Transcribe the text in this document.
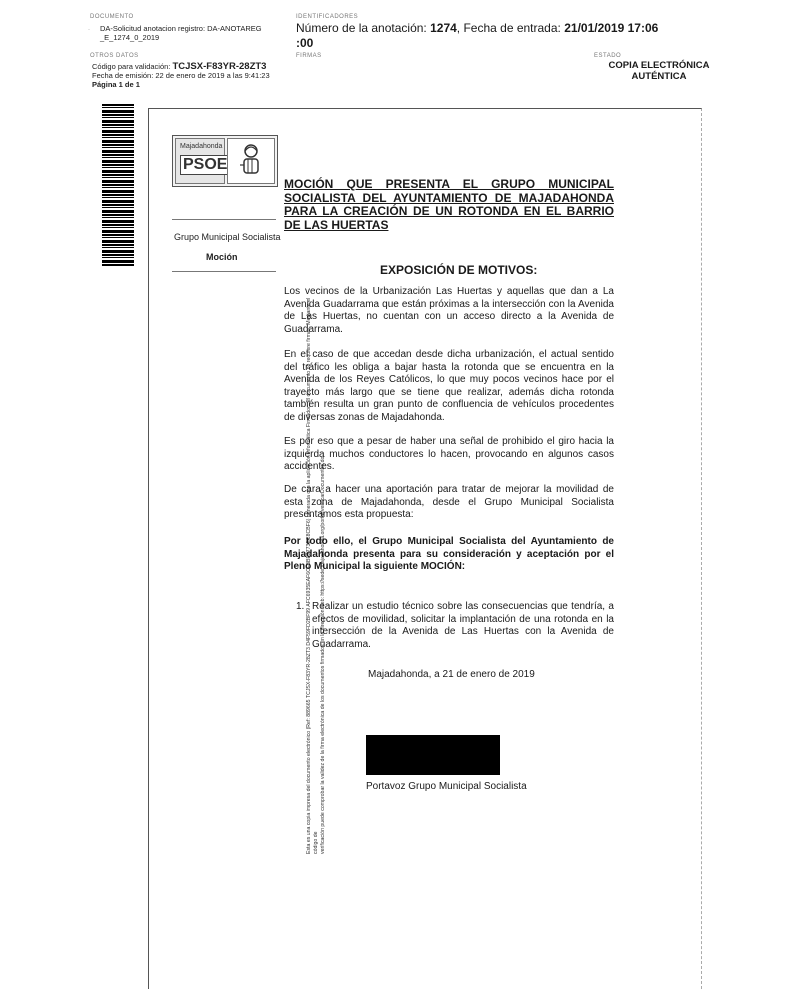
DOCUMENTO
DA-Solicitud anotacion registro: DA-ANOTAREG
_E_1274_0_2019
·
OTROS DATOS
Código para validación: TCJSX-F83YR-28ZT3
Fecha de emisión: 22 de enero de 2019 a las 9:41:23
Página 1 de 1
IDENTIFICADORES
Número de la anotación: 1274, Fecha de entrada: 21/01/2019 17:06
:00
FIRMAS	ESTADO
COPIA ELECTRÓNICA
AUTÉNTICA
Esta es una copia impresa del documento electrónico (Ref: 889665 TCJSX-F83YR-28ZT3 D4F59FD2BF99 AFC6935EAF6CF3BE2773EC8CBF6) generada con la aplicación informática Firmadoc. El documento no requiere firmas. Mediante el código de verificación puede comprobar la validez de la firma electrónica de los documentos firmados en la dirección web: https://sede.majadahonda.org/portal/verificarDocumentos.do
Majadahonda
PSOE
Grupo Municipal Socialista
Moción
MOCIÓN QUE PRESENTA EL GRUPO MUNICIPAL SOCIALISTA DEL AYUNTAMIENTO DE MAJADAHONDA PARA LA CREACIÓN DE UN ROTONDA EN EL BARRIO DE LAS HUERTAS
EXPOSICIÓN DE MOTIVOS:
Los vecinos de la Urbanización Las Huertas y aquellas que dan a La Avenida Guadarrama que están próximas a la intersección con la Avenida de Las Huertas, no cuentan con un acceso directo a la Avenida de Guadarrama.
En el caso de que accedan desde dicha urbanización, el actual sentido del tráfico les obliga a bajar hasta la rotonda que se encuentra en la Avenida de los Reyes Católicos, lo que muy pocos vecinos hace por el trayecto más largo que se tiene que realizar, además dicha rotonda también resulta un gran punto de confluencia de vehículos procedentes de diversas zonas de Majadahonda.
Es por eso que a pesar de haber una señal de prohibido el giro hacia la izquierda muchos conductores lo hacen, provocando en algunos casos accidentes.
De cara a hacer una aportación para tratar de mejorar la movilidad de esta zona de Majadahonda, desde el Grupo Municipal Socialista presentamos esta propuesta:
Por todo ello, el Grupo Municipal Socialista del Ayuntamiento de Majadahonda presenta para su consideración y aceptación por el Pleno Municipal la siguiente MOCIÓN:
1. Realizar un estudio técnico sobre las consecuencias que tendría, a efectos de movilidad, solicitar la implantación de una rotonda en la intersección de la Avenida de Las Huertas con la Avenida de Guadarrama.
Majadahonda, a 21 de enero de 2019
Portavoz Grupo Municipal Socialista
